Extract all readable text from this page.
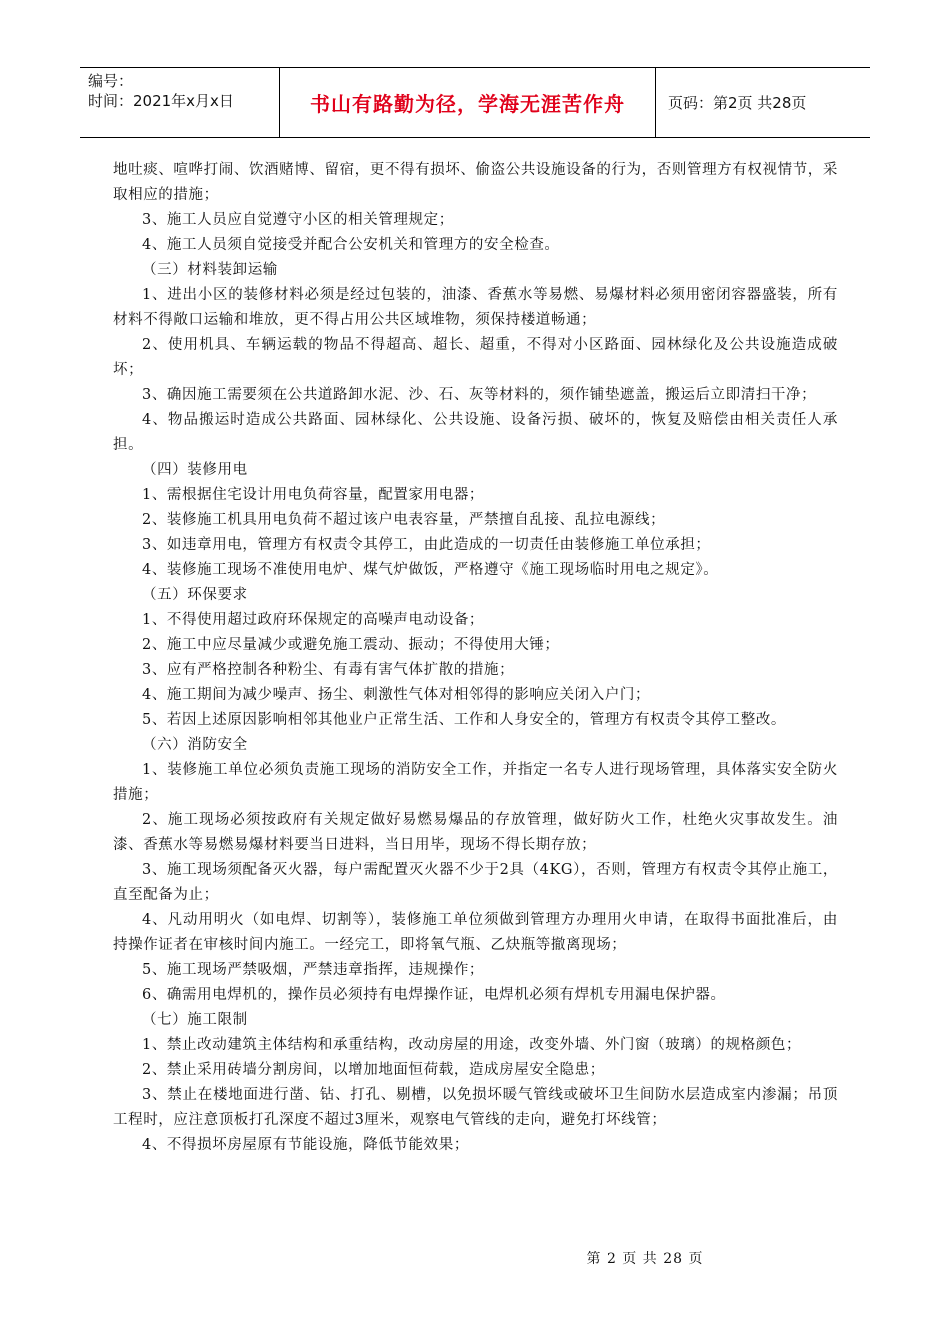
编号：
时间：2021年x月x日	书山有路勤为径，学海无涯苦作舟	页码：第2页 共28页

地吐痰、喧哗打闹、饮酒赌博、留宿，更不得有损坏、偷盗公共设施设备的行为，否则管理方有权视情节，采取相应的措施；

3、施工人员应自觉遵守小区的相关管理规定；

4、施工人员须自觉接受并配合公安机关和管理方的安全检查。

（三）材料装卸运输

1、进出小区的装修材料必须是经过包装的，油漆、香蕉水等易燃、易爆材料必须用密闭容器盛装，所有材料不得敞口运输和堆放，更不得占用公共区域堆物，须保持楼道畅通；

2、使用机具、车辆运载的物品不得超高、超长、超重，不得对小区路面、园林绿化及公共设施造成破坏；

3、确因施工需要须在公共道路卸水泥、沙、石、灰等材料的，须作铺垫遮盖，搬运后立即清扫干净；

4、物品搬运时造成公共路面、园林绿化、公共设施、设备污损、破坏的，恢复及赔偿由相关责任人承担。

（四）装修用电

1、需根据住宅设计用电负荷容量，配置家用电器；

2、装修施工机具用电负荷不超过该户电表容量，严禁擅自乱接、乱拉电源线；

3、如违章用电，管理方有权责令其停工，由此造成的一切责任由装修施工单位承担；

4、装修施工现场不准使用电炉、煤气炉做饭，严格遵守《施工现场临时用电之规定》。

（五）环保要求

1、不得使用超过政府环保规定的高噪声电动设备；

2、施工中应尽量减少或避免施工震动、振动；不得使用大锤；

3、应有严格控制各种粉尘、有毒有害气体扩散的措施；

4、施工期间为减少噪声、扬尘、刺激性气体对相邻得的影响应关闭入户门；

5、若因上述原因影响相邻其他业户正常生活、工作和人身安全的，管理方有权责令其停工整改。

（六）消防安全

1、装修施工单位必须负责施工现场的消防安全工作，并指定一名专人进行现场管理，具体落实安全防火措施；

2、施工现场必须按政府有关规定做好易燃易爆品的存放管理，做好防火工作，杜绝火灾事故发生。油漆、香蕉水等易燃易爆材料要当日进料，当日用毕，现场不得长期存放；

3、施工现场须配备灭火器，每户需配置灭火器不少于2具（4KG），否则，管理方有权责令其停止施工，直至配备为止；

4、凡动用明火（如电焊、切割等），装修施工单位须做到管理方办理用火申请，在取得书面批准后，由持操作证者在审核时间内施工。一经完工，即将氧气瓶、乙炔瓶等撤离现场；

5、施工现场严禁吸烟，严禁违章指挥，违规操作；

6、确需用电焊机的，操作员必须持有电焊操作证，电焊机必须有焊机专用漏电保护器。

（七）施工限制

1、禁止改动建筑主体结构和承重结构，改动房屋的用途，改变外墙、外门窗（玻璃）的规格颜色；

2、禁止采用砖墙分割房间，以增加地面恒荷载，造成房屋安全隐患；

3、禁止在楼地面进行凿、钻、打孔、剔槽，以免损坏暖气管线或破坏卫生间防水层造成室内渗漏；吊顶工程时，应注意顶板打孔深度不超过3厘米，观察电气管线的走向，避免打坏线管；

4、不得损坏房屋原有节能设施，降低节能效果；

第 2 页 共 28 页
